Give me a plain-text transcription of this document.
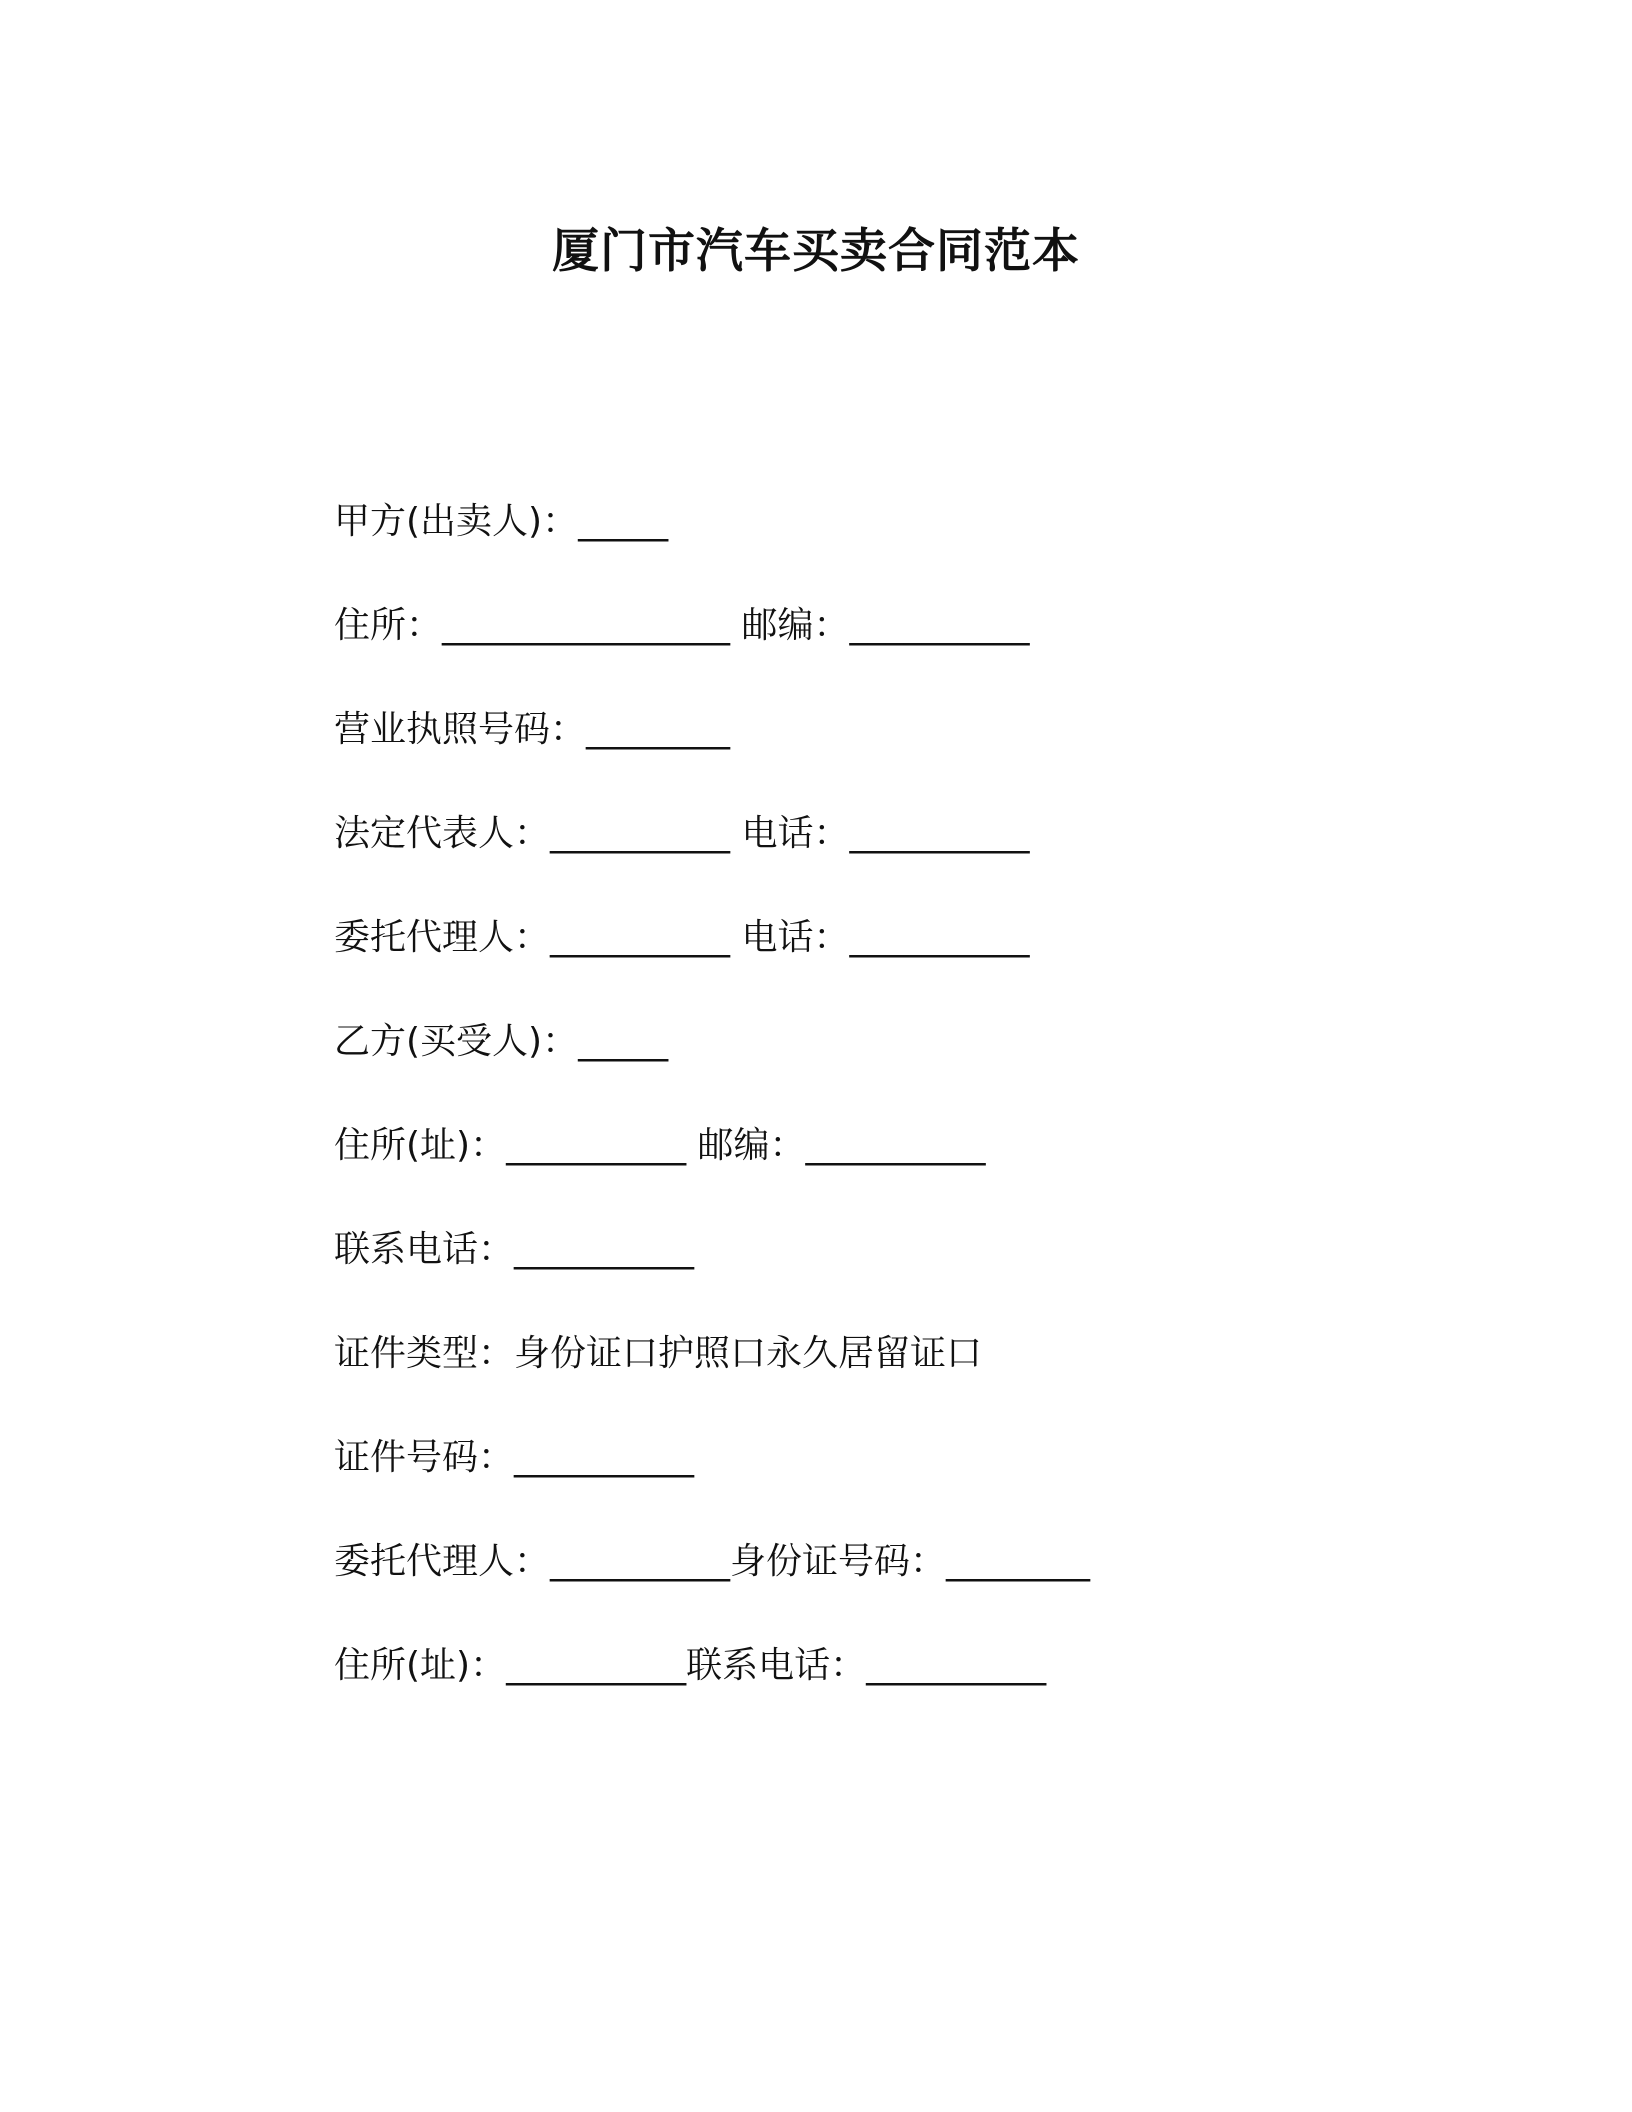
厦门市汽车买卖合同范本
甲方(出卖人)：_____
住所：________________ 邮编：__________
营业执照号码：________
法定代表人：__________ 电话：__________
委托代理人：__________ 电话：__________
乙方(买受人)：_____
住所(址)：__________ 邮编：__________
联系电话：__________
证件类型：身份证口护照口永久居留证口
证件号码：__________
委托代理人：__________身份证号码：________
住所(址)：__________联系电话：__________
